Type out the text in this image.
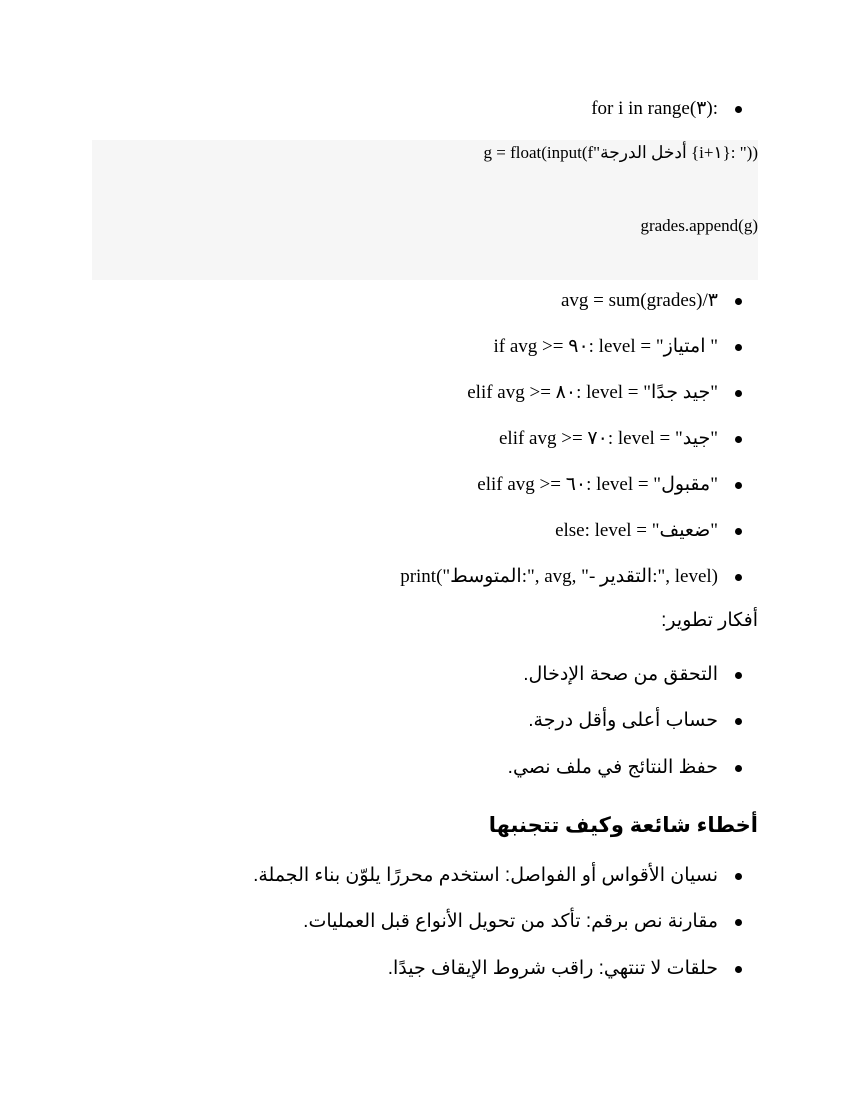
for i in range(٣):
g = float(input(f"أدخل الدرجة {i+١}: "))
grades.append(g)
avg = sum(grades)/٣
if avg >= ٩٠: level = "امتياز "
elif avg >= ٨٠: level = "جيد جدًا"
elif avg >= ٧٠: level = "جيد"
elif avg >= ٦٠: level = "مقبول"
else: level = "ضعيف"
print("المتوسط:", avg, "- التقدير:", level)
أفكار تطوير:
التحقق من صحة الإدخال.
حساب أعلى وأقل درجة.
حفظ النتائج في ملف نصي.
أخطاء شائعة وكيف تتجنبها
نسيان الأقواس أو الفواصل: استخدم محررًا يلوّن بناء الجملة.
مقارنة نص برقم: تأكد من تحويل الأنواع قبل العمليات.
حلقات لا تنتهي: راقب شروط الإيقاف جيدًا.
